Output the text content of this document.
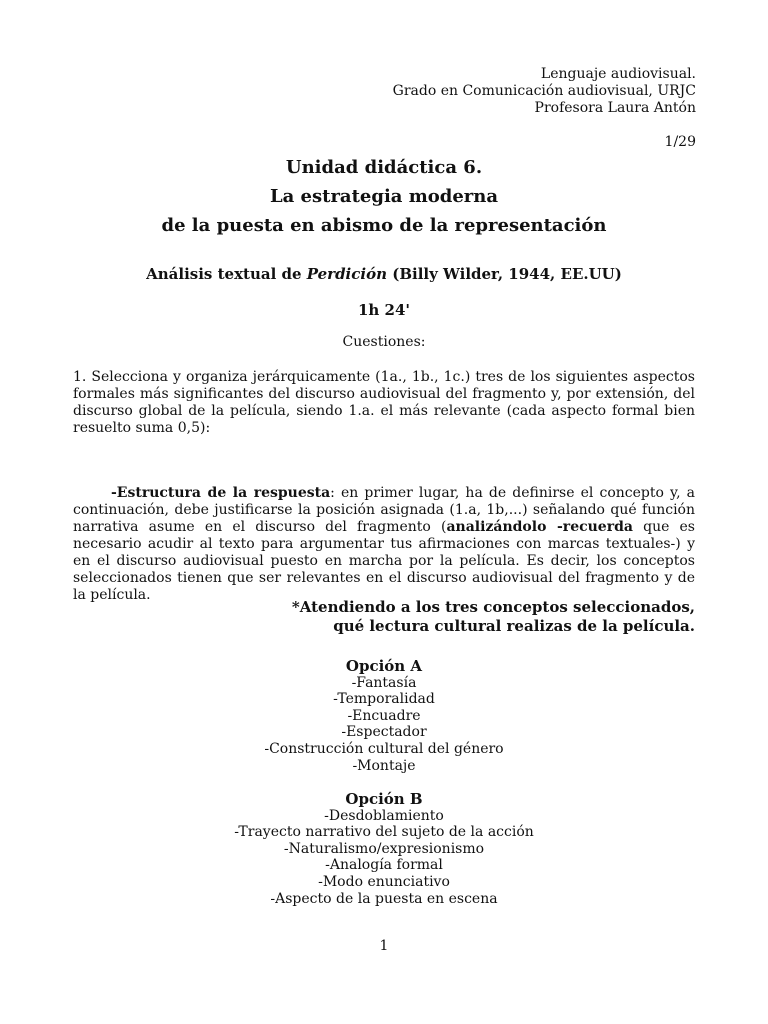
Lenguaje audiovisual.
Grado en Comunicación audiovisual, URJC
Profesora Laura Antón
1/29
Unidad didáctica 6.
La estrategia moderna
de la puesta en abismo de la representación
Análisis textual de Perdición (Billy Wilder, 1944, EE.UU)
1h 24'
Cuestiones:
1. Selecciona y organiza jerárquicamente (1a., 1b., 1c.) tres de los siguientes aspectos formales más significantes del discurso audiovisual del fragmento y, por extensión, del discurso global de la película, siendo 1.a. el más relevante (cada aspecto formal bien resuelto suma 0,5):
-Estructura de la respuesta: en primer lugar, ha de definirse el concepto y, a continuación, debe justificarse la posición asignada (1.a, 1b,...) señalando qué función narrativa asume en el discurso del fragmento (analizándolo -recuerda que es necesario acudir al texto para argumentar tus afirmaciones con marcas textuales-) y en el discurso audiovisual puesto en marcha por la película. Es decir, los conceptos seleccionados tienen que ser relevantes en el discurso audiovisual del fragmento y de la película.
*Atendiendo a los tres conceptos seleccionados,
qué lectura cultural realizas de la película.
Opción A
-Fantasía
-Temporalidad
-Encuadre
-Espectador
-Construcción cultural del género
-Montaje
Opción B
-Desdoblamiento
-Trayecto narrativo del sujeto de la acción
-Naturalismo/expresionismo
-Analogía formal
-Modo enunciativo
-Aspecto de la puesta en escena
1
